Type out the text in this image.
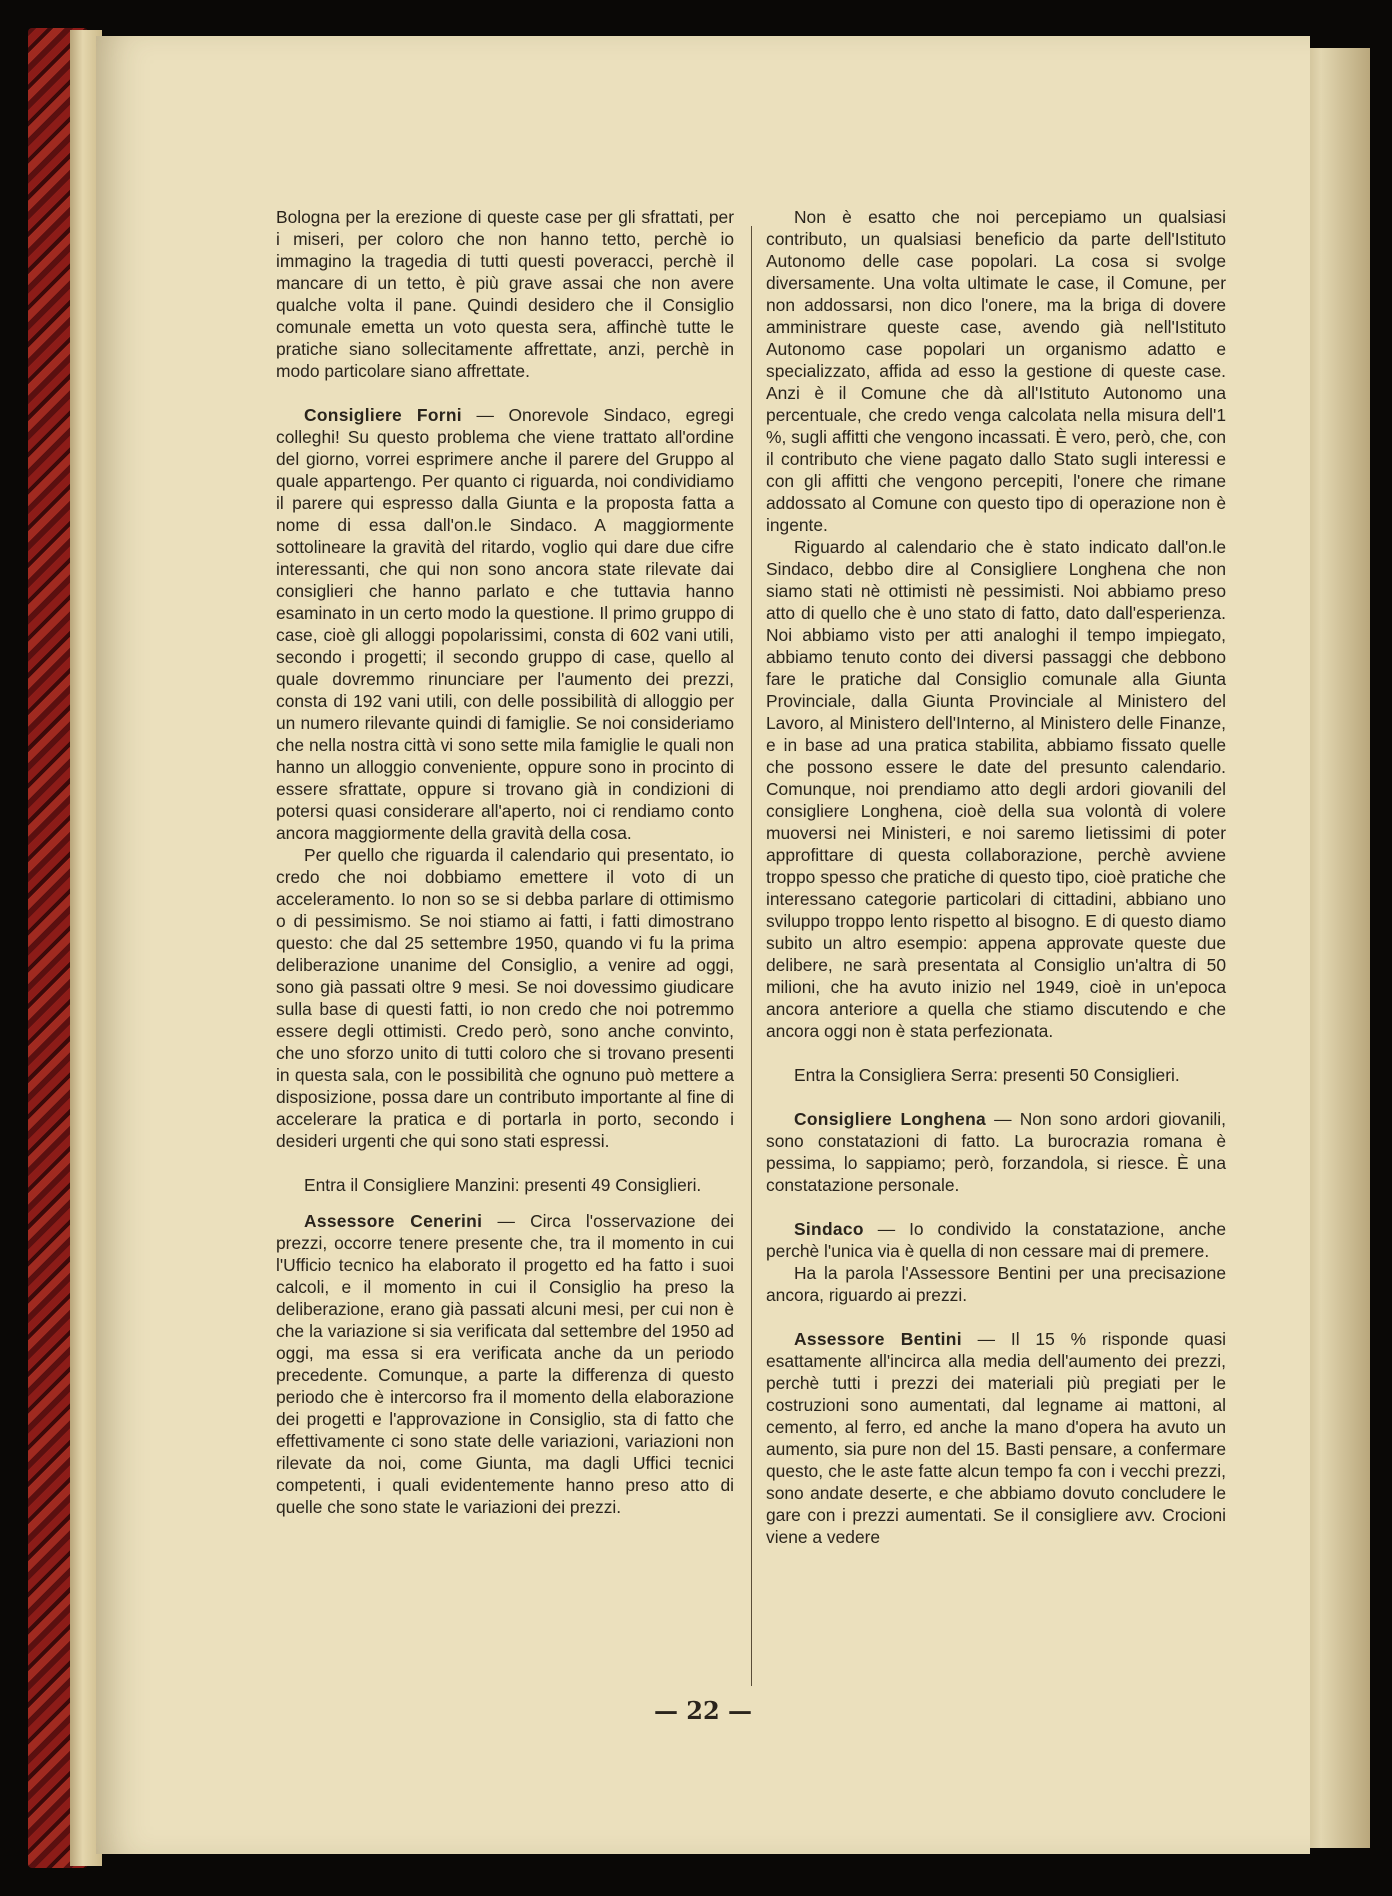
Bologna per la erezione di queste case per gli sfrattati, per i miseri, per coloro che non hanno tetto, perchè io immagino la tragedia di tutti questi poveracci, perchè il mancare di un tetto, è più grave assai che non avere qualche volta il pane. Quindi desidero che il Consiglio comunale emetta un voto questa sera, affinchè tutte le pratiche siano sollecitamente affrettate, anzi, perchè in modo particolare siano affrettate.

Consigliere Forni — Onorevole Sindaco, egregi colleghi! Su questo problema che viene trattato all'ordine del giorno, vorrei esprimere anche il parere del Gruppo al quale appartengo. Per quanto ci riguarda, noi condividiamo il parere qui espresso dalla Giunta e la proposta fatta a nome di essa dall'on.le Sindaco. A maggiormente sottolineare la gravità del ritardo, voglio qui dare due cifre interessanti, che qui non sono ancora state rilevate dai consiglieri che hanno parlato e che tuttavia hanno esaminato in un certo modo la questione. Il primo gruppo di case, cioè gli alloggi popolarissimi, consta di 602 vani utili, secondo i progetti; il secondo gruppo di case, quello al quale dovremmo rinunciare per l'aumento dei prezzi, consta di 192 vani utili, con delle possibilità di alloggio per un numero rilevante quindi di famiglie. Se noi consideriamo che nella nostra città vi sono sette mila famiglie le quali non hanno un alloggio conveniente, oppure sono in procinto di essere sfrattate, oppure si trovano già in condizioni di potersi quasi considerare all'aperto, noi ci rendiamo conto ancora maggiormente della gravità della cosa.

Per quello che riguarda il calendario qui presentato, io credo che noi dobbiamo emettere il voto di un acceleramento. Io non so se si debba parlare di ottimismo o di pessimismo. Se noi stiamo ai fatti, i fatti dimostrano questo: che dal 25 settembre 1950, quando vi fu la prima deliberazione unanime del Consiglio, a venire ad oggi, sono già passati oltre 9 mesi. Se noi dovessimo giudicare sulla base di questi fatti, io non credo che noi potremmo essere degli ottimisti. Credo però, sono anche convinto, che uno sforzo unito di tutti coloro che si trovano presenti in questa sala, con le possibilità che ognuno può mettere a disposizione, possa dare un contributo importante al fine di accelerare la pratica e di portarla in porto, secondo i desideri urgenti che qui sono stati espressi.

Entra il Consigliere Manzini: presenti 49 Consiglieri.

Assessore Cenerini — Circa l'osservazione dei prezzi, occorre tenere presente che, tra il momento in cui l'Ufficio tecnico ha elaborato il progetto ed ha fatto i suoi calcoli, e il momento in cui il Consiglio ha preso la deliberazione, erano già passati alcuni mesi, per cui non è che la variazione si sia verificata dal settembre del 1950 ad oggi, ma essa si era verificata anche da un periodo precedente. Comunque, a parte la differenza di questo periodo che è intercorso fra il momento della elaborazione dei progetti e l'approvazione in Consiglio, sta di fatto che effettivamente ci sono state delle variazioni, variazioni non rilevate da noi, come Giunta, ma dagli Uffici tecnici competenti, i quali evidentemente hanno preso atto di quelle che sono state le variazioni dei prezzi.

Non è esatto che noi percepiamo un qualsiasi contributo, un qualsiasi beneficio da parte dell'Istituto Autonomo delle case popolari. La cosa si svolge diversamente. Una volta ultimate le case, il Comune, per non addossarsi, non dico l'onere, ma la briga di dovere amministrare queste case, avendo già nell'Istituto Autonomo case popolari un organismo adatto e specializzato, affida ad esso la gestione di queste case. Anzi è il Comune che dà all'Istituto Autonomo una percentuale, che credo venga calcolata nella misura dell'1 %, sugli affitti che vengono incassati. È vero, però, che, con il contributo che viene pagato dallo Stato sugli interessi e con gli affitti che vengono percepiti, l'onere che rimane addossato al Comune con questo tipo di operazione non è ingente.

Riguardo al calendario che è stato indicato dall'on.le Sindaco, debbo dire al Consigliere Longhena che non siamo stati nè ottimisti nè pessimisti. Noi abbiamo preso atto di quello che è uno stato di fatto, dato dall'esperienza. Noi abbiamo visto per atti analoghi il tempo impiegato, abbiamo tenuto conto dei diversi passaggi che debbono fare le pratiche dal Consiglio comunale alla Giunta Provinciale, dalla Giunta Provinciale al Ministero del Lavoro, al Ministero dell'Interno, al Ministero delle Finanze, e in base ad una pratica stabilita, abbiamo fissato quelle che possono essere le date del presunto calendario. Comunque, noi prendiamo atto degli ardori giovanili del consigliere Longhena, cioè della sua volontà di volere muoversi nei Ministeri, e noi saremo lietissimi di poter approfittare di questa collaborazione, perchè avviene troppo spesso che pratiche di questo tipo, cioè pratiche che interessano categorie particolari di cittadini, abbiano uno sviluppo troppo lento rispetto al bisogno. E di questo diamo subito un altro esempio: appena approvate queste due delibere, ne sarà presentata al Consiglio un'altra di 50 milioni, che ha avuto inizio nel 1949, cioè in un'epoca ancora anteriore a quella che stiamo discutendo e che ancora oggi non è stata perfezionata.

Entra la Consigliera Serra: presenti 50 Consiglieri.

Consigliere Longhena — Non sono ardori giovanili, sono constatazioni di fatto. La burocrazia romana è pessima, lo sappiamo; però, forzandola, si riesce. È una constatazione personale.

Sindaco — Io condivido la constatazione, anche perchè l'unica via è quella di non cessare mai di premere.

Ha la parola l'Assessore Bentini per una precisazione ancora, riguardo ai prezzi.

Assessore Bentini — Il 15 % risponde quasi esattamente all'incirca alla media dell'aumento dei prezzi, perchè tutti i prezzi dei materiali più pregiati per le costruzioni sono aumentati, dal legname ai mattoni, al cemento, al ferro, ed anche la mano d'opera ha avuto un aumento, sia pure non del 15. Basti pensare, a confermare questo, che le aste fatte alcun tempo fa con i vecchi prezzi, sono andate deserte, e che abbiamo dovuto concludere le gare con i prezzi aumentati. Se il consigliere avv. Crocioni viene a vedere

— 22 —
